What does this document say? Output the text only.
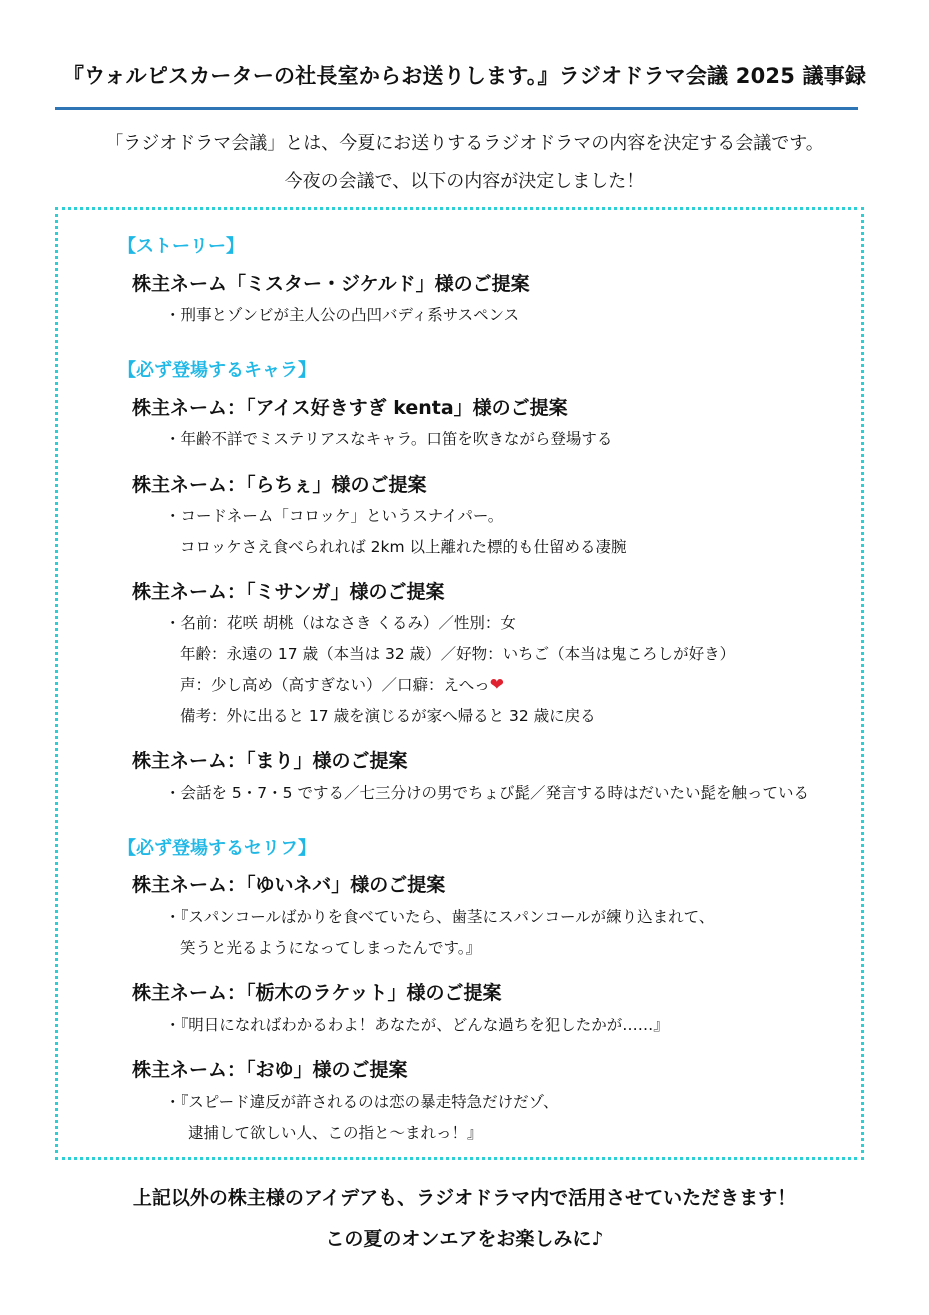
『ウォルピスカーターの社長室からお送りします。』ラジオドラマ会議 2025 議事録
「ラジオドラマ会議」とは、今夏にお送りするラジオドラマの内容を決定する会議です。
今夜の会議で、以下の内容が決定しました！
【ストーリー】
株主ネーム「ミスター・ジケルド」様のご提案
・刑事とゾンビが主人公の凸凹バディ系サスペンス
【必ず登場するキャラ】
株主ネーム：「アイス好きすぎ kenta」様のご提案
・年齢不詳でミステリアスなキャラ。口笛を吹きながら登場する
株主ネーム：「らちぇ」様のご提案
・コードネーム「コロッケ」というスナイパー。
コロッケさえ食べられれば 2km 以上離れた標的も仕留める凄腕
株主ネーム：「ミサンガ」様のご提案
・名前：花咲 胡桃（はなさき くるみ）／性別：女
年齢：永遠の 17 歳（本当は 32 歳）／好物：いちご（本当は鬼ころしが好き）
声：少し高め（高すぎない）／口癖：えへっ❤
備考：外に出ると 17 歳を演じるが家へ帰ると 32 歳に戻る
株主ネーム：「まり」様のご提案
・会話を 5・7・5 でする／七三分けの男でちょび髭／発言する時はだいたい髭を触っている
【必ず登場するセリフ】
株主ネーム：「ゆいネバ」様のご提案
・『スパンコールばかりを食べていたら、歯茎にスパンコールが練り込まれて、
笑うと光るようになってしまったんです。』
株主ネーム：「栃木のラケット」様のご提案
・『明日になればわかるわよ！あなたが、どんな過ちを犯したかが……』
株主ネーム：「おゆ」様のご提案
・『スピード違反が許されるのは恋の暴走特急だけだゾ、
逮捕して欲しい人、この指と～まれっ！』
上記以外の株主様のアイデアも、ラジオドラマ内で活用させていただきます！
この夏のオンエアをお楽しみに♪
